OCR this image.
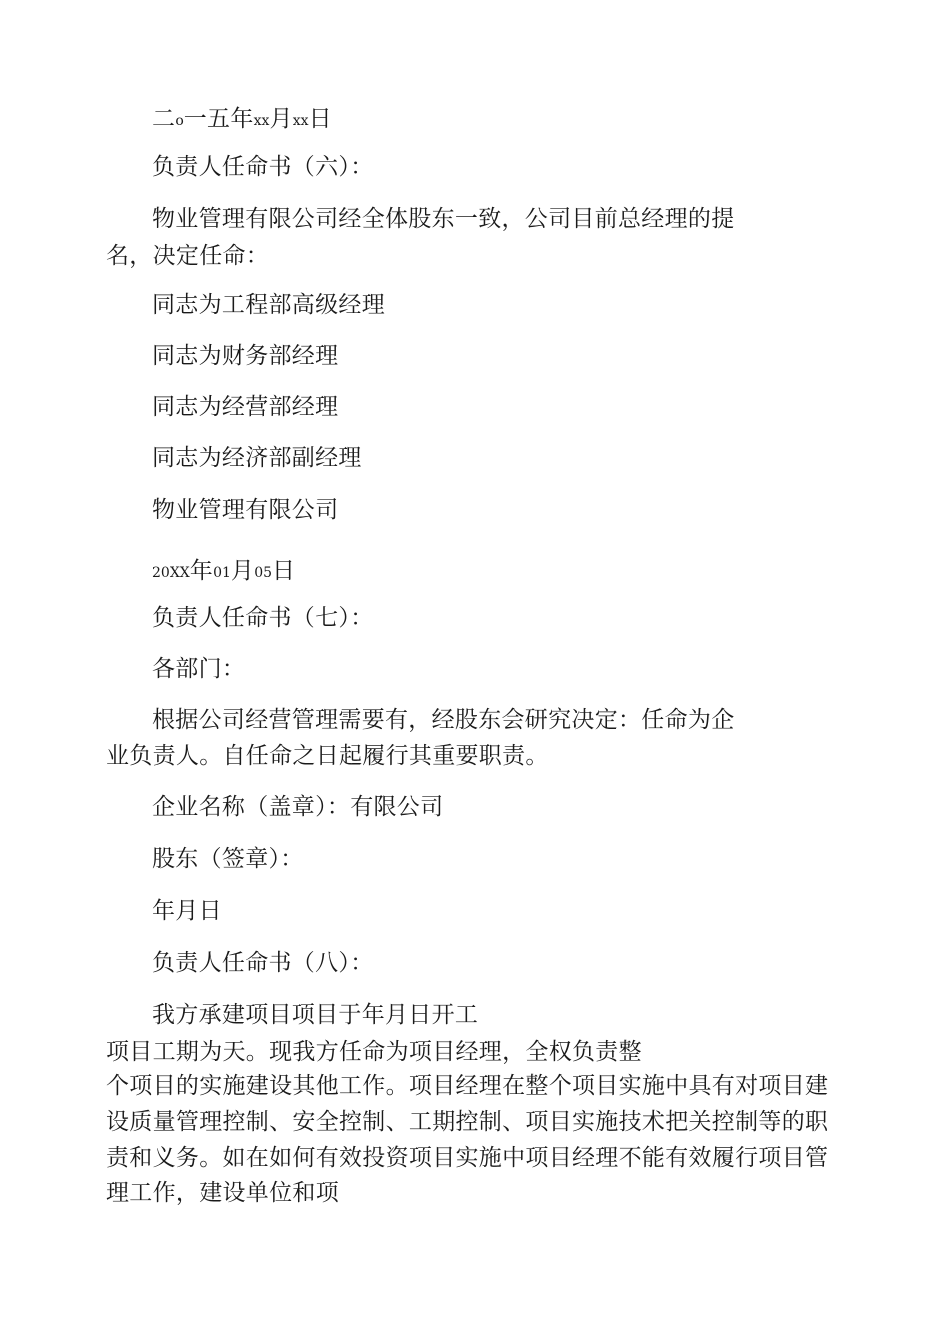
二o一五年xx月xx日
负责人任命书（六）：
物业管理有限公司经全体股东一致，公司目前总经理的提
名，决定任命：
同志为工程部高级经理
同志为财务部经理
同志为经营部经理
同志为经济部副经理
物业管理有限公司
20XX年01月05日
负责人任命书（七）：
各部门：
根据公司经营管理需要有，经股东会研究决定：任命为企
业负责人。自任命之日起履行其重要职责。
企业名称（盖章）：有限公司
股东（签章）：
年月日
负责人任命书（八）：
我方承建项目项目于年月日开工
项目工期为天。现我方任命为项目经理，全权负责整
个项目的实施建设其他工作。项目经理在整个项目实施中具有对项目建
设质量管理控制、安全控制、工期控制、项目实施技术把关控制等的职
责和义务。如在如何有效投资项目实施中项目经理不能有效履行项目管
理工作，建设单位和项
